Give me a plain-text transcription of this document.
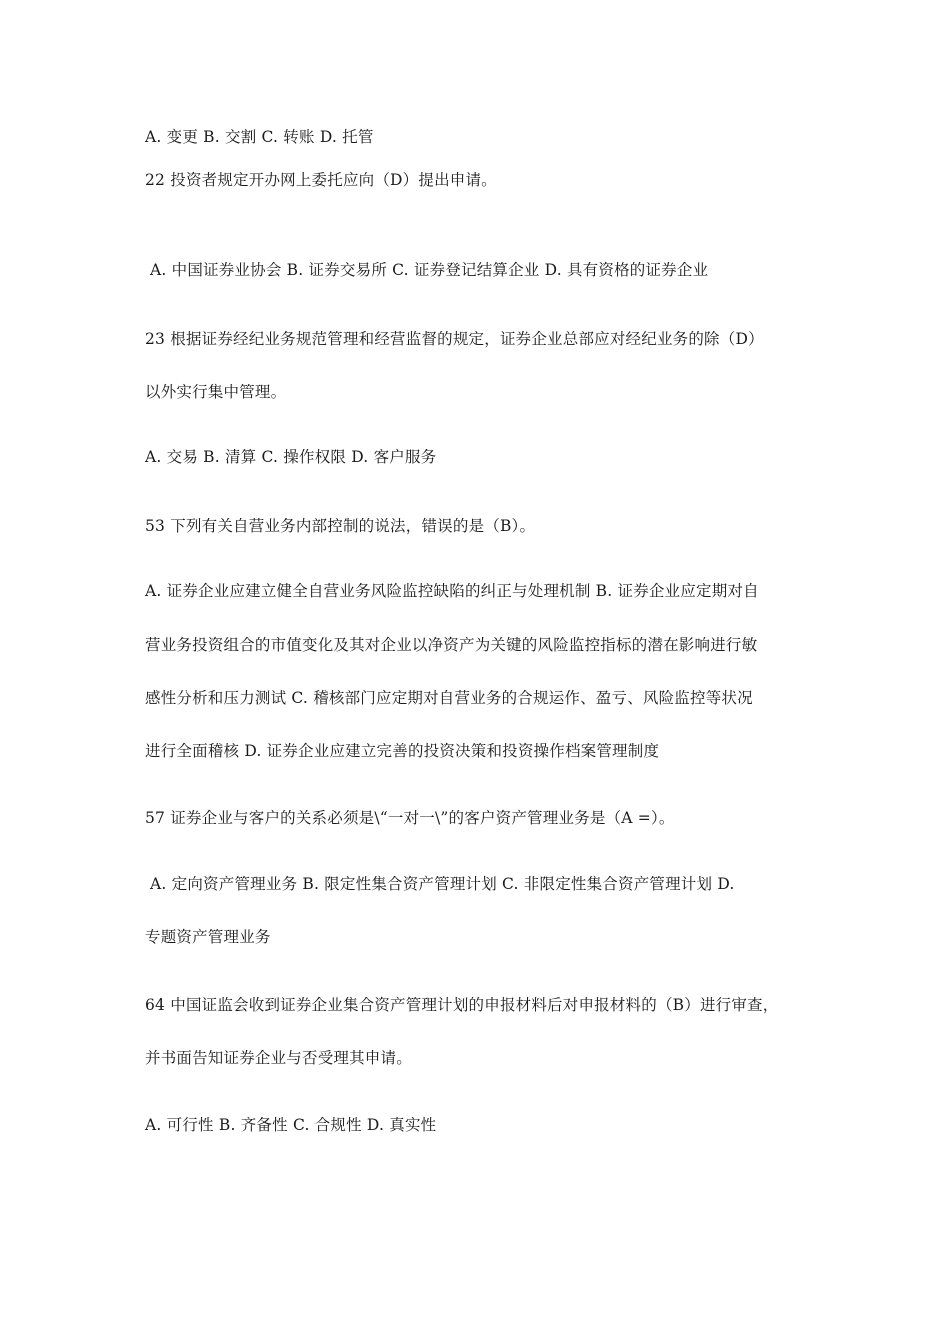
A. 变更 B. 交割 C. 转账 D. 托管
22 投资者规定开办网上委托应向（D）提出申请。
A. 中国证券业协会 B. 证券交易所 C. 证券登记结算企业 D. 具有资格的证券企业
23 根据证券经纪业务规范管理和经营监督的规定，证券企业总部应对经纪业务的除（D）
以外实行集中管理。
A. 交易 B. 清算 C. 操作权限 D. 客户服务
53 下列有关自营业务内部控制的说法，错误的是（B）。
A. 证券企业应建立健全自营业务风险监控缺陷的纠正与处理机制 B. 证券企业应定期对自
营业务投资组合的市值变化及其对企业以净资产为关键的风险监控指标的潜在影响进行敏
感性分析和压力测试 C. 稽核部门应定期对自营业务的合规运作、盈亏、风险监控等状况
进行全面稽核 D. 证券企业应建立完善的投资决策和投资操作档案管理制度
57 证券企业与客户的关系必须是\“一对一\”的客户资产管理业务是（A =）。
A. 定向资产管理业务 B. 限定性集合资产管理计划 C. 非限定性集合资产管理计划 D.
专题资产管理业务
64 中国证监会收到证券企业集合资产管理计划的申报材料后对申报材料的（B）进行审查，
并书面告知证券企业与否受理其申请。
A. 可行性 B. 齐备性 C. 合规性 D. 真实性
